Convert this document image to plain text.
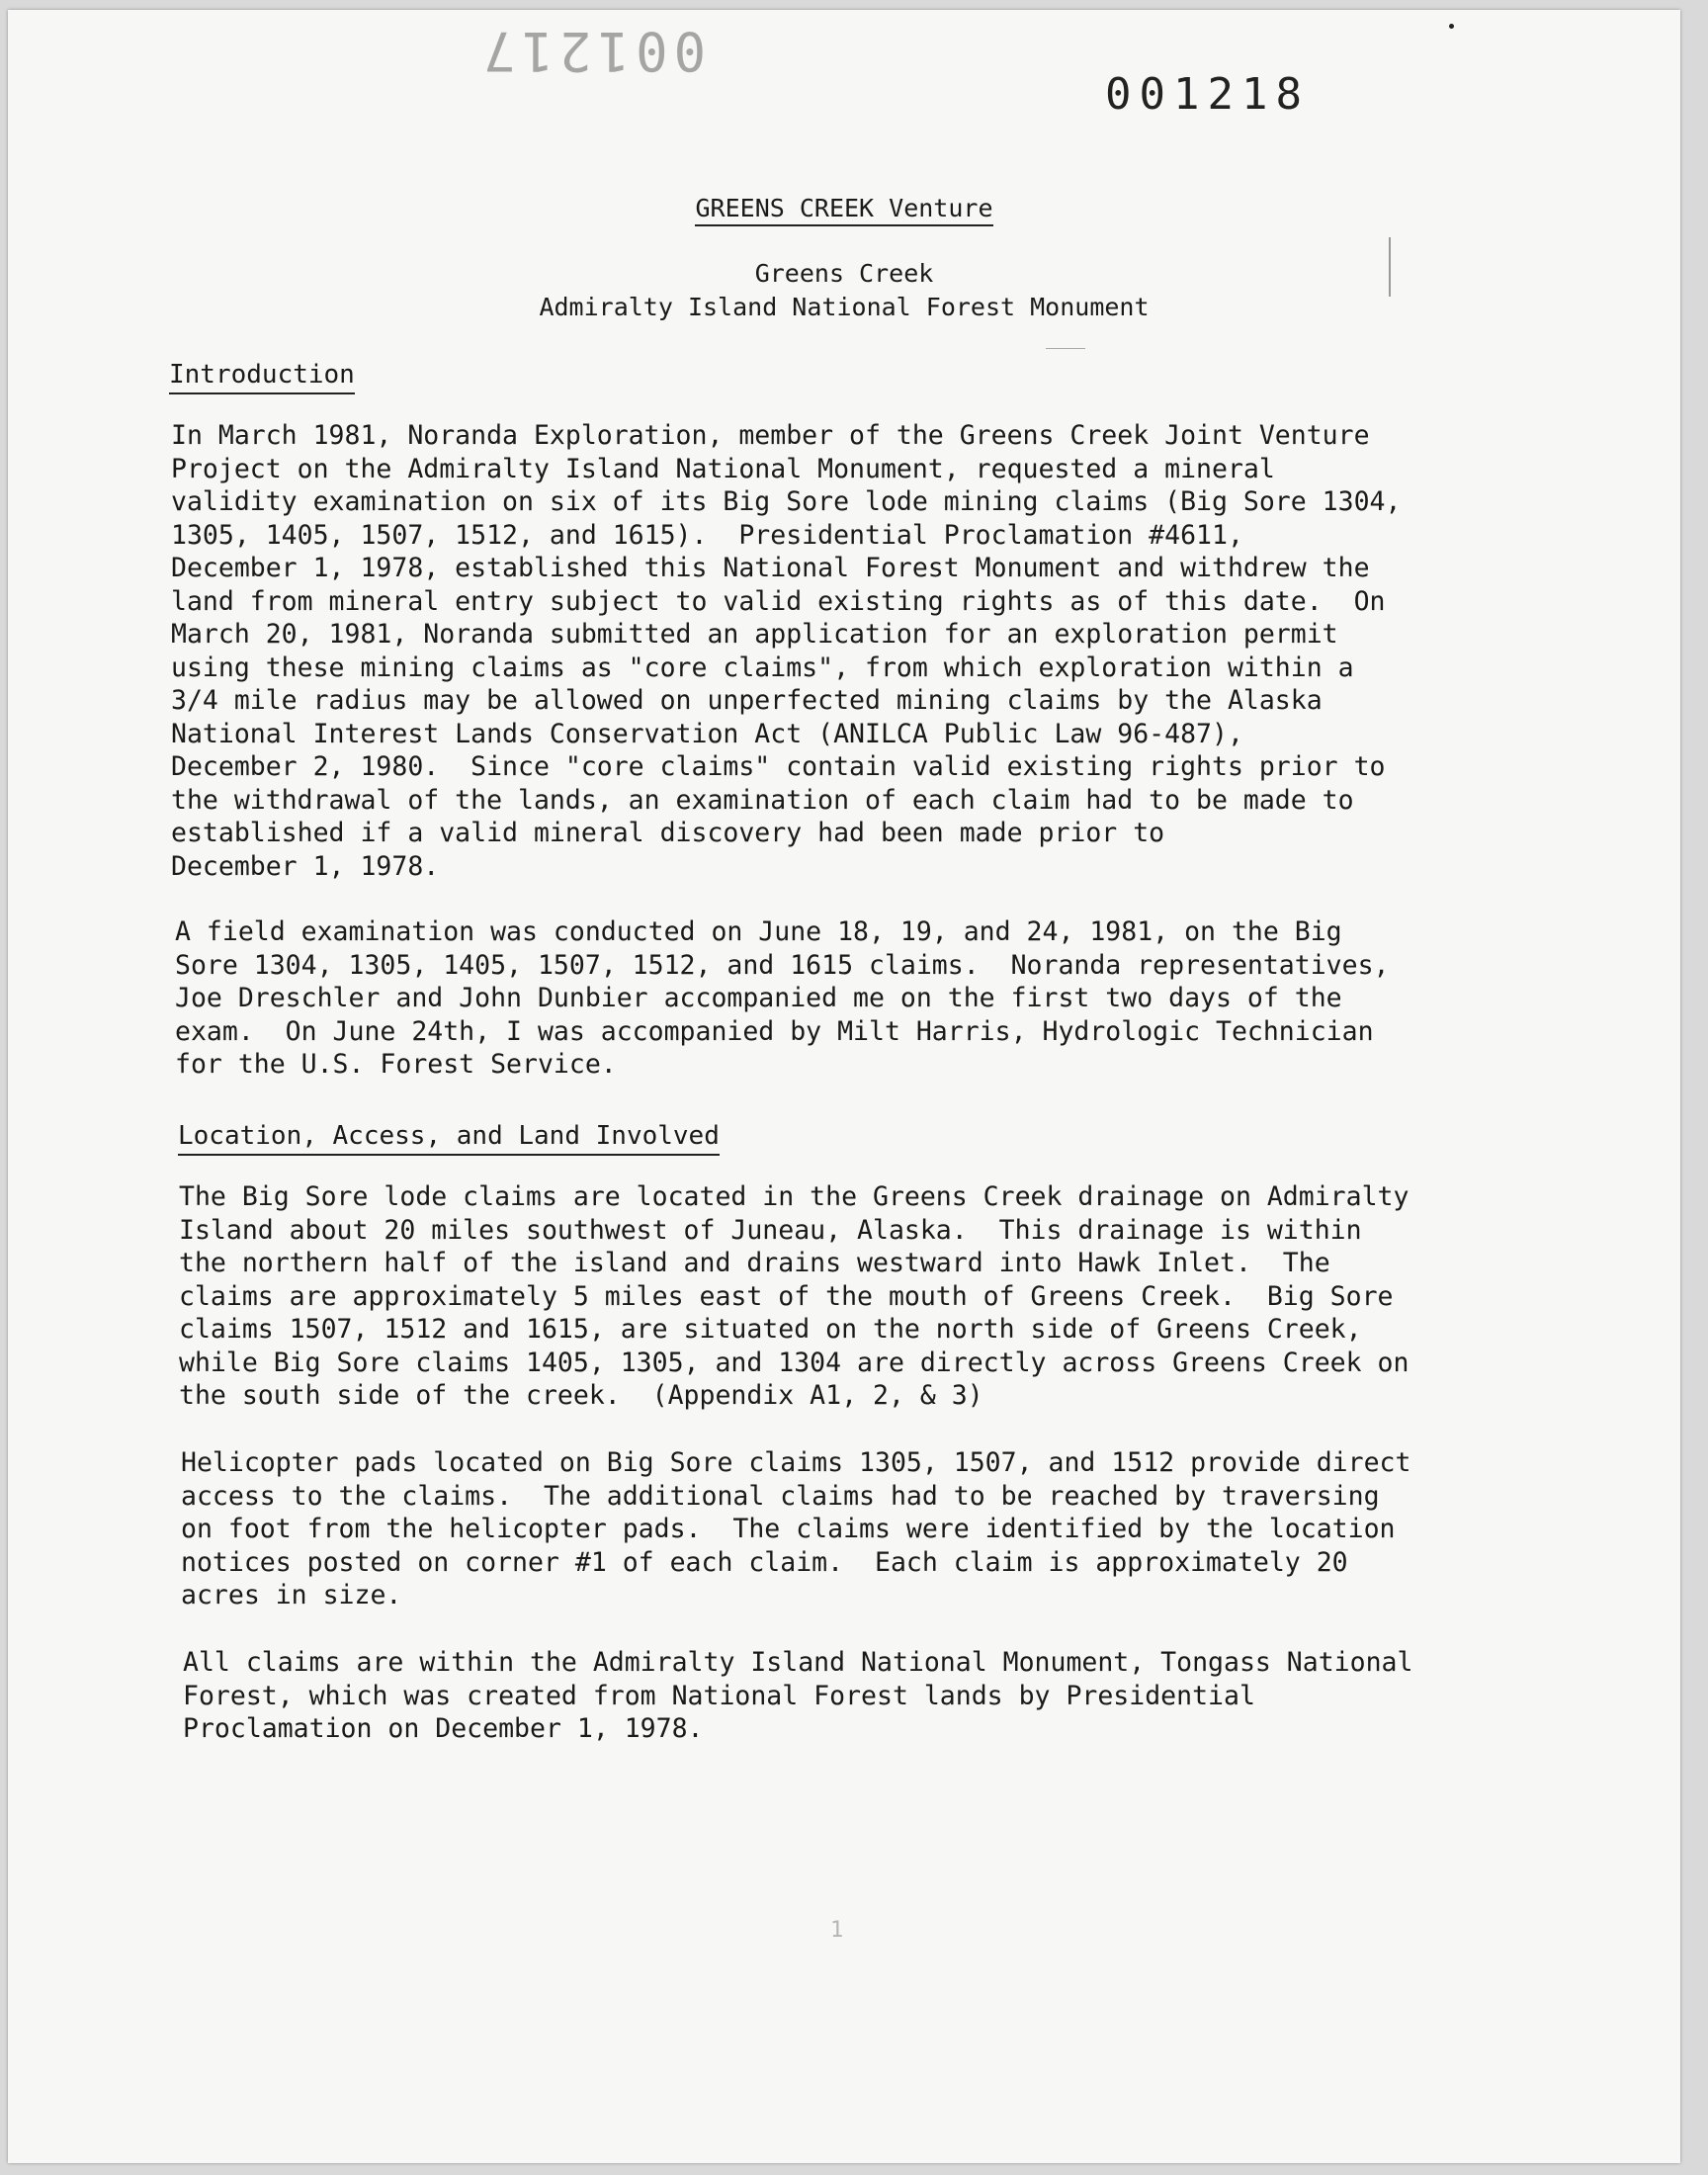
001217
001218
GREENS CREEK Venture
Greens Creek
Admiralty Island National Forest Monument
Introduction

In March 1981, Noranda Exploration, member of the Greens Creek Joint Venture
Project on the Admiralty Island National Monument, requested a mineral
validity examination on six of its Big Sore lode mining claims (Big Sore 1304,
1305, 1405, 1507, 1512, and 1615).  Presidential Proclamation #4611,
December 1, 1978, established this National Forest Monument and withdrew the
land from mineral entry subject to valid existing rights as of this date.  On
March 20, 1981, Noranda submitted an application for an exploration permit
using these mining claims as "core claims", from which exploration within a
3/4 mile radius may be allowed on unperfected mining claims by the Alaska
National Interest Lands Conservation Act (ANILCA Public Law 96-487),
December 2, 1980.  Since "core claims" contain valid existing rights prior to
the withdrawal of the lands, an examination of each claim had to be made to
established if a valid mineral discovery had been made prior to
December 1, 1978.

A field examination was conducted on June 18, 19, and 24, 1981, on the Big
Sore 1304, 1305, 1405, 1507, 1512, and 1615 claims.  Noranda representatives,
Joe Dreschler and John Dunbier accompanied me on the first two days of the
exam.  On June 24th, I was accompanied by Milt Harris, Hydrologic Technician
for the U.S. Forest Service.

Location, Access, and Land Involved

The Big Sore lode claims are located in the Greens Creek drainage on Admiralty
Island about 20 miles southwest of Juneau, Alaska.  This drainage is within
the northern half of the island and drains westward into Hawk Inlet.  The
claims are approximately 5 miles east of the mouth of Greens Creek.  Big Sore
claims 1507, 1512 and 1615, are situated on the north side of Greens Creek,
while Big Sore claims 1405, 1305, and 1304 are directly across Greens Creek on
the south side of the creek.  (Appendix A1, 2, & 3)

Helicopter pads located on Big Sore claims 1305, 1507, and 1512 provide direct
access to the claims.  The additional claims had to be reached by traversing
on foot from the helicopter pads.  The claims were identified by the location
notices posted on corner #1 of each claim.  Each claim is approximately 20
acres in size.

All claims are within the Admiralty Island National Monument, Tongass National
Forest, which was created from National Forest lands by Presidential
Proclamation on December 1, 1978.

1
